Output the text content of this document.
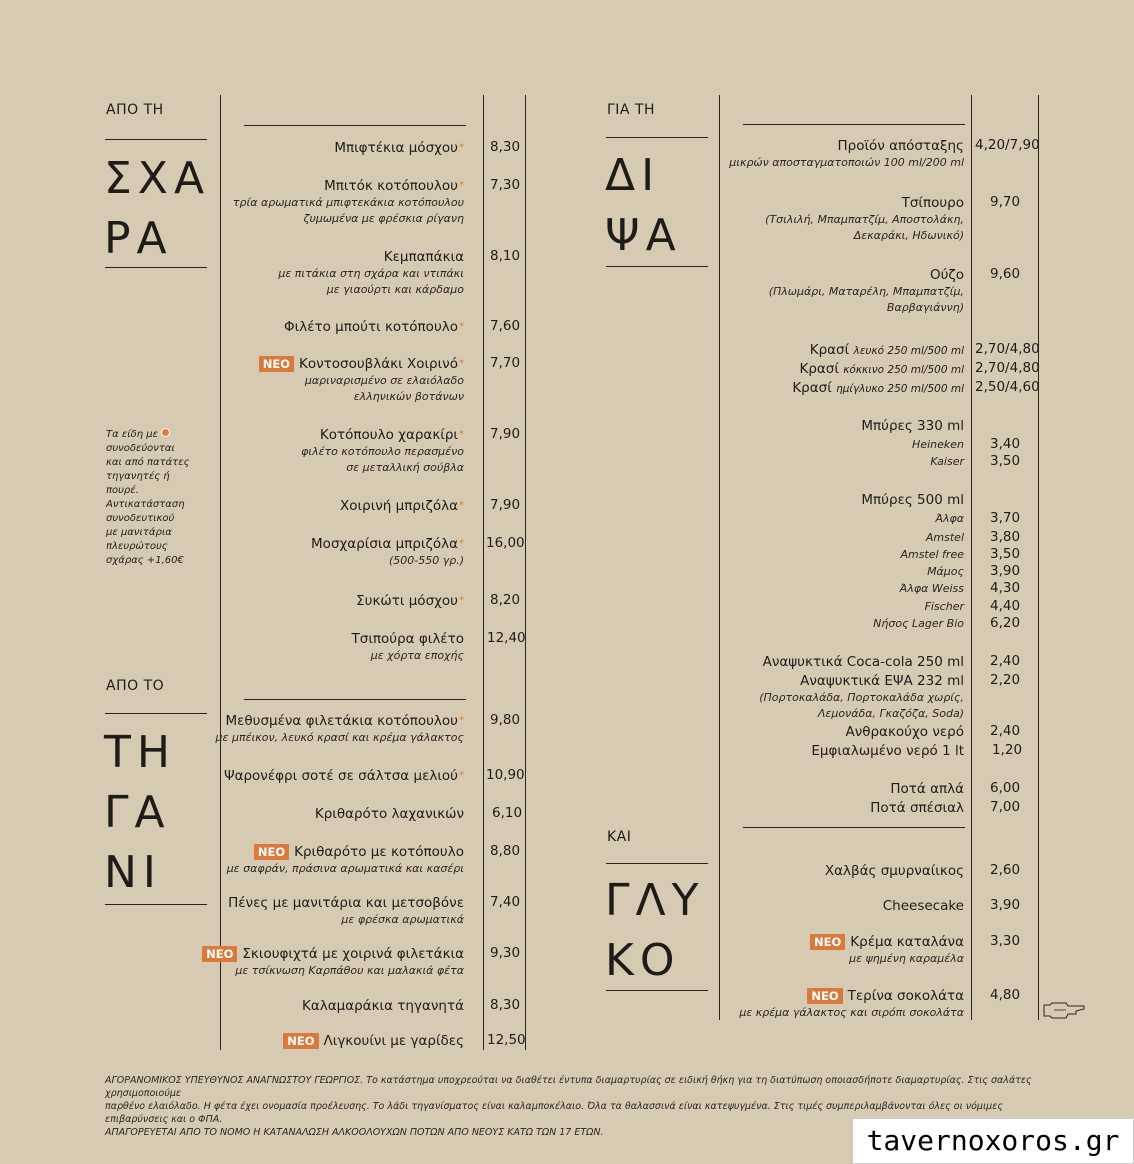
ΑΠΟ ΤΗ
ΣΧΑ
ΡΑ
Τα είδη με
συνοδεύονται
και από πατάτες
τηγανητές ή
πουρέ.
Αντικατάσταση
συνοδευτικού
με μανιτάρια
πλευρώτους
σχάρας +1,60€
ΑΠΟ ΤΟ
ΤΗ
ΓΑ
ΝΙ
Μπιφτέκια μόσχου* 8,30
Μπιτόκ κοτόπουλου*
τρία αρωματικά μπιφτεκάκια κοτόπουλου
ζυμωμένα με φρέσκια ρίγανη
7,30
Κεμπαπάκια
με πιτάκια στη σχάρα και ντιπάκι
με γιαούρτι και κάρδαμο
8,10
Φιλέτο μπούτι κοτόπουλο* 7,60
ΝΕΟ Κοντοσουβλάκι Χοιρινό*
μαριναρισμένο σε ελαιόλαδο
ελληνικών βοτάνων
7,70
Κοτόπουλο χαρακίρι*
φιλέτο κοτόπουλο περασμένο
σε μεταλλική σούβλα
7,90
Χοιρινή μπριζόλα* 7,90
Μοσχαρίσια μπριζόλα*
(500-550 γρ.)
16,00
Συκώτι μόσχου* 8,20
Τσιπούρα φιλέτο
με χόρτα εποχής
12,40
Μεθυσμένα φιλετάκια κοτόπουλου*
με μπέικον, λευκό κρασί και κρέμα γάλακτος
9,80
Ψαρονέφρι σοτέ σε σάλτσα μελιού* 10,90
Κριθαρότο λαχανικών 6,10
ΝΕΟ Κριθαρότο με κοτόπουλο
με σαφράν, πράσινα αρωματικά και κασέρι
8,80
Πένες με μανιτάρια και μετσοβόνε
με φρέσκα αρωματικά
7,40
ΝΕΟ Σκιουφιχτά με χοιρινά φιλετάκια
με τσίκνωση Καρπάθου και μαλακιά φέτα
9,30
Καλαμαράκια τηγανητά 8,30
ΝΕΟ Λιγκουίνι με γαρίδες 12,50
ΓΙΑ ΤΗ
ΔΙ
ΨΑ
ΚΑΙ
ΓΛΥ
ΚΟ
Προϊόν απόσταξης
μικρών αποσταγματοποιών 100 ml/200 ml
4,20/7,90
Τσίπουρο
(Τσιλιλή, Μπαμπατζίμ, Αποστολάκη,
Δεκαράκι, Ηδωνικό)
9,70
Ούζο
(Πλωμάρι, Ματαρέλη, Μπαμπατζίμ,
Βαρβαγιάννη)
9,60
Κρασί λευκό 250 ml/500 ml 2,70/4,80
Κρασί κόκκινο 250 ml/500 ml 2,70/4,80
Κρασί ημίγλυκο 250 ml/500 ml 2,50/4,60
Μπύρες 330 ml
Heineken 3,40
Kaiser 3,50
Μπύρες 500 ml
Άλφα 3,70
Amstel 3,80
Amstel free 3,50
Μάμος 3,90
Άλφα Weiss 4,30
Fischer 4,40
Νήσος Lager Bio 6,20
Αναψυκτικά Coca-cola 250 ml 2,40
Αναψυκτικά ΕΨΑ 232 ml
(Πορτοκαλάδα, Πορτοκαλάδα χωρίς,
Λεμονάδα, Γκαζόζα, Soda)
2,20
Ανθρακούχο νερό 2,40
Εμφιαλωμένο νερό 1 lt 1,20
Ποτά απλά 6,00
Ποτά σπέσιαλ 7,00
Χαλβάς σμυρναίικος 2,60
Cheesecake 3,90
ΝΕΟ Κρέμα καταλάνα
με ψημένη καραμέλα
3,30
ΝΕΟ Τερίνα σοκολάτα
με κρέμα γάλακτος και σιρόπι σοκολάτα
4,80
ΑΓΟΡΑΝΟΜΙΚΟΣ ΥΠΕΥΘΥΝΟΣ ΑΝΑΓΝΩΣΤΟΥ ΓΕΩΡΓΙΟΣ. Το κατάστημα υποχρεούται να διαθέτει έντυπα διαμαρτυρίας σε ειδική θήκη για τη διατύπωση οποιασδήποτε διαμαρτυρίας. Στις σαλάτες χρησιμοποιούμε
παρθένο ελαιόλαδο. Η φέτα έχει ονομασία προέλευσης. Το λάδι τηγανίσματος είναι καλαμποκέλαιο. Όλα τα θαλασσινά είναι κατεψυγμένα. Στις τιμές συμπεριλαμβάνονται όλες οι νόμιμες επιβαρύνσεις και ο ΦΠΑ.
ΑΠΑΓΟΡΕΥΕΤΑΙ ΑΠΟ ΤΟ ΝΟΜΟ Η ΚΑΤΑΝΑΛΩΣΗ ΑΛΚΟΟΛΟΥΧΩΝ ΠΟΤΩΝ ΑΠΟ ΝΕΟΥΣ ΚΑΤΩ ΤΩΝ 17 ΕΤΩΝ.	tavernoxoros.gr
